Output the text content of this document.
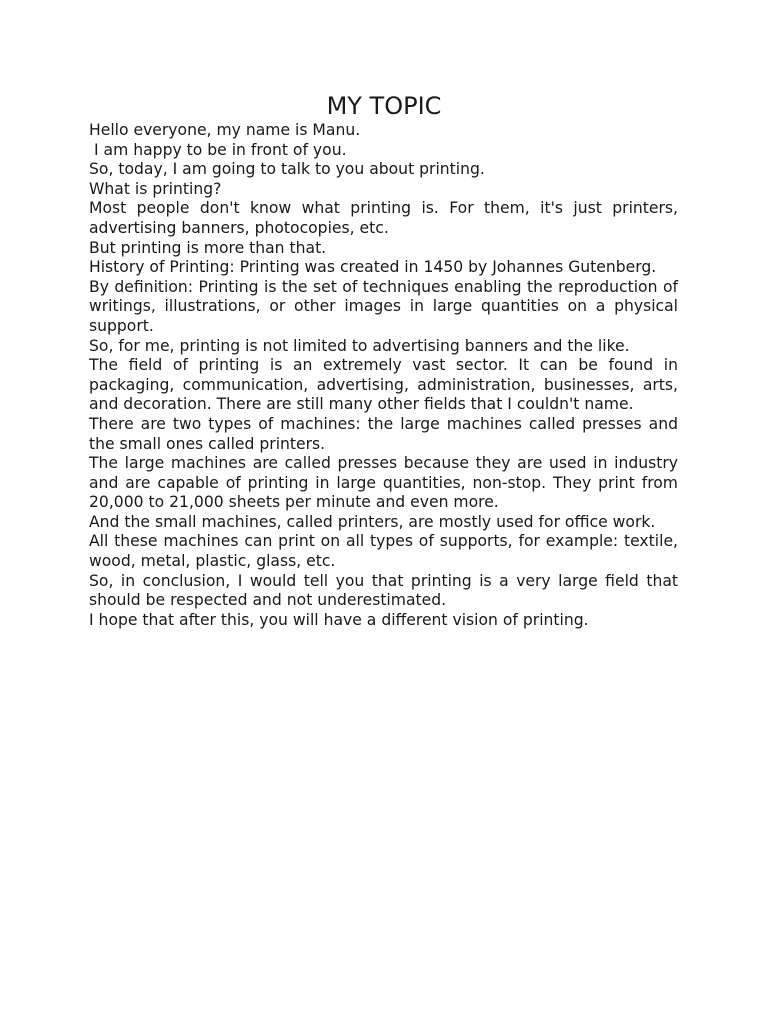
MY TOPIC

Hello everyone, my name is Manu.

I am happy to be in front of you.

So, today, I am going to talk to you about printing.

What is printing?

Most people don't know what printing is. For them, it's just printers, advertising banners, photocopies, etc.

But printing is more than that.

History of Printing: Printing was created in 1450 by Johannes Gutenberg.

By definition: Printing is the set of techniques enabling the reproduction of writings, illustrations, or other images in large quantities on a physical support.

So, for me, printing is not limited to advertising banners and the like.

The field of printing is an extremely vast sector. It can be found in packaging, communication, advertising, administration, businesses, arts, and decoration. There are still many other fields that I couldn't name.

There are two types of machines: the large machines called presses and the small ones called printers.

The large machines are called presses because they are used in industry and are capable of printing in large quantities, non-stop. They print from 20,000 to 21,000 sheets per minute and even more.

And the small machines, called printers, are mostly used for office work.

All these machines can print on all types of supports, for example: textile, wood, metal, plastic, glass, etc.

So, in conclusion, I would tell you that printing is a very large field that should be respected and not underestimated.

I hope that after this, you will have a different vision of printing.
